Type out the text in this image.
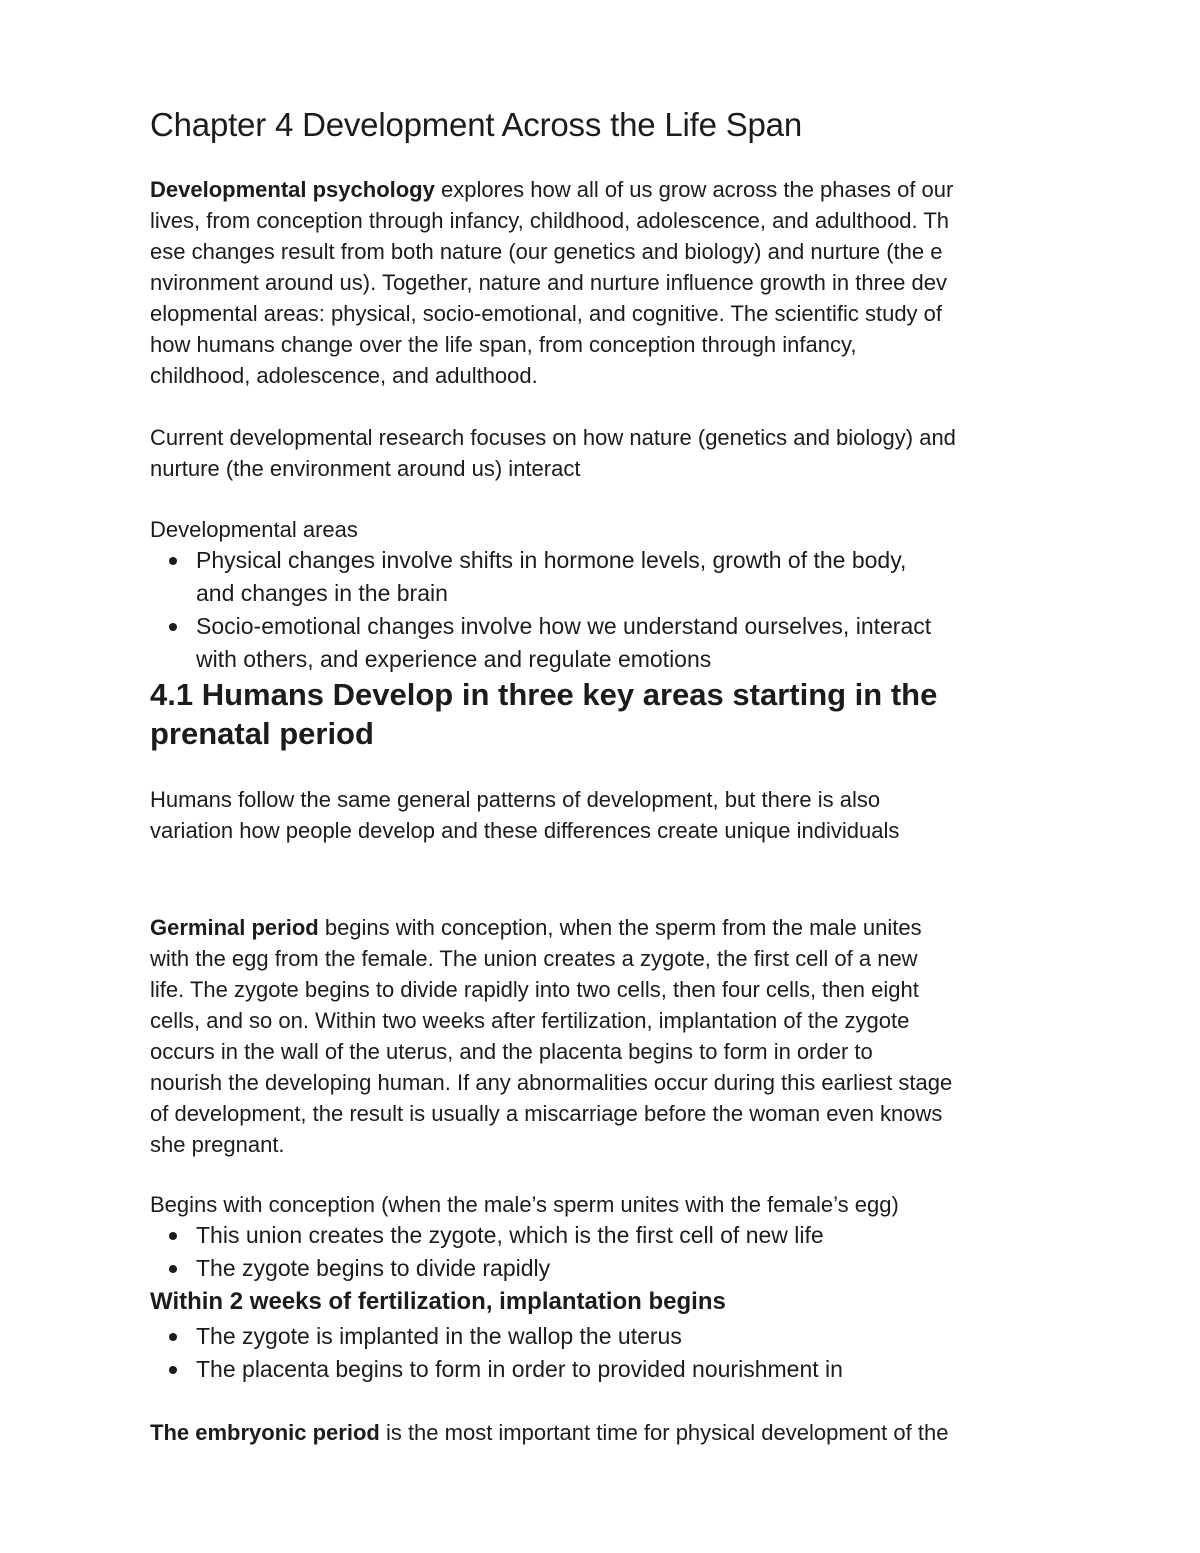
Chapter 4 Development Across the Life Span
Developmental psychology explores how all of us grow across the phases of our
lives, from conception through infancy, childhood, adolescence, and adulthood. Th
ese changes result from both nature (our genetics and biology) and nurture (the e
nvironment around us). Together, nature and nurture influence growth in three dev
elopmental areas: physical, socio-emotional, and cognitive. The scientific study of
how humans change over the life span, from conception through infancy,
childhood, adolescence, and adulthood.
Current developmental research focuses on how nature (genetics and biology) and
nurture (the environment around us) interact
Developmental areas
Physical changes involve shifts in hormone levels, growth of the body,
and changes in the brain
Socio-emotional changes involve how we understand ourselves, interact
with others, and experience and regulate emotions
4.1 Humans Develop in three key areas starting in the
prenatal period
Humans follow the same general patterns of development, but there is also
variation how people develop and these differences create unique individuals
Germinal period begins with conception, when the sperm from the male unites
with the egg from the female. The union creates a zygote, the first cell of a new
life. The zygote begins to divide rapidly into two cells, then four cells, then eight
cells, and so on. Within two weeks after fertilization, implantation of the zygote
occurs in the wall of the uterus, and the placenta begins to form in order to
nourish the developing human. If any abnormalities occur during this earliest stage
of development, the result is usually a miscarriage before the woman even knows
she pregnant.
Begins with conception (when the male’s sperm unites with the female’s egg)
This union creates the zygote, which is the first cell of new life
The zygote begins to divide rapidly
Within 2 weeks of fertilization, implantation begins
The zygote is implanted in the wallop the uterus
The placenta begins to form in order to provided nourishment in
The embryonic period is the most important time for physical development of the
